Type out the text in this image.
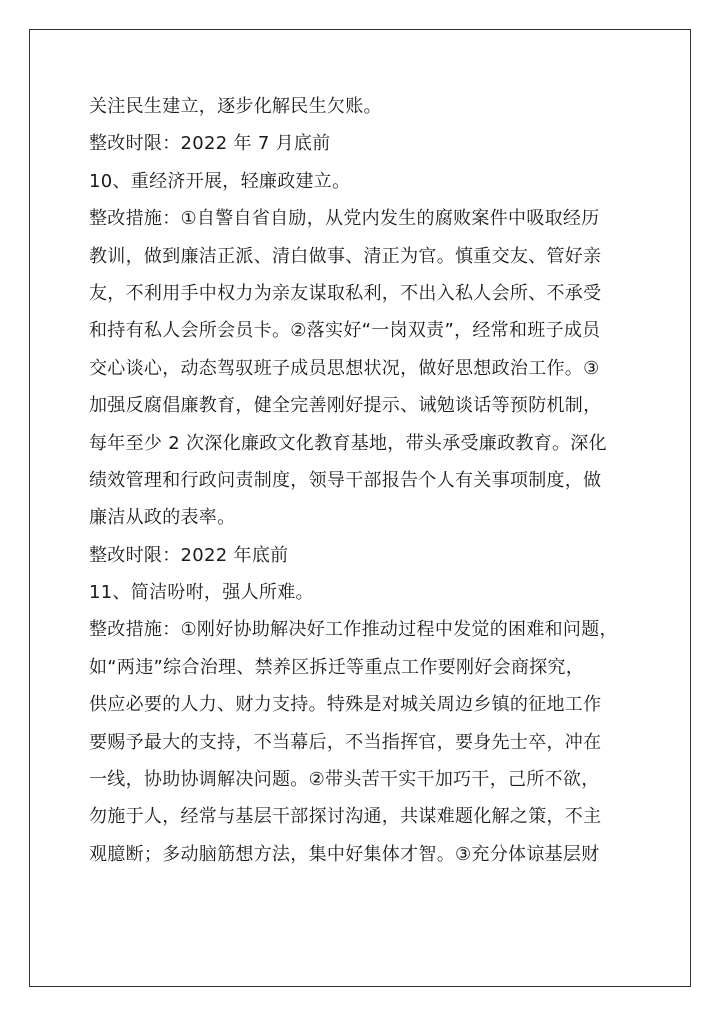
关注民生建立，逐步化解民生欠账。
整改时限：2022 年 7 月底前
10、重经济开展，轻廉政建立。
整改措施：①自警自省自励，从党内发生的腐败案件中吸取经历
教训，做到廉洁正派、清白做事、清正为官。慎重交友、管好亲
友，不利用手中权力为亲友谋取私利，不出入私人会所、不承受
和持有私人会所会员卡。②落实好“一岗双责”，经常和班子成员
交心谈心，动态驾驭班子成员思想状况，做好思想政治工作。③
加强反腐倡廉教育，健全完善刚好提示、诫勉谈话等预防机制，
每年至少 2 次深化廉政文化教育基地，带头承受廉政教育。深化
绩效管理和行政问责制度，领导干部报告个人有关事项制度，做
廉洁从政的表率。
整改时限：2022 年底前
11、简洁吩咐，强人所难。
整改措施：①刚好协助解决好工作推动过程中发觉的困难和问题，
如“两违”综合治理、禁养区拆迁等重点工作要刚好会商探究，
供应必要的人力、财力支持。特殊是对城关周边乡镇的征地工作
要赐予最大的支持，不当幕后，不当指挥官，要身先士卒，冲在
一线，协助协调解决问题。②带头苦干实干加巧干，己所不欲，
勿施于人，经常与基层干部探讨沟通，共谋难题化解之策，不主
观臆断；多动脑筋想方法，集中好集体才智。③充分体谅基层财
